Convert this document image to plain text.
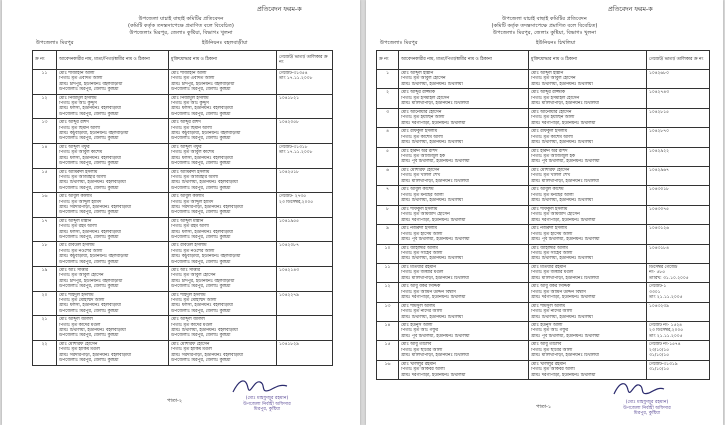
প্রতিবেদন ফরম-ক
উপজেলা যাচাই বাছাই কমিটির প্রতিবেদন
(কমিটি কর্তৃক তদন্তসাপেক্ষে প্রমাণিত বলে বিবেচিত)
উপজেলাঃ মিরপুর, জেলাঃ কুষ্টিয়া, বিভাগঃ খুলনা
উপজেলাঃ মিরপুর	ইউনিয়নঃ বহলবাড়ীয়া
ক্র নং	আবেদনকারীর নাম, মাতা/পিতা/স্বামীর নাম ও ঠিকানা	মুক্তিযোদ্ধার নাম ও ঠিকানা	গেজেট/ ভাতা/ তালিকার ক্র নং
১১	মোঃ শাজাহান আলী
পিতাঃ মৃত এবাদত আলী
গ্রামঃ চাঁদপুর, ইউনিয়নঃ বহলবাড়ীয়া
উপজেলাঃ মিরপুর, জেলাঃ কুষ্টিয়া	মোঃ শাজাহান আলী
পিতাঃ মৃত এবাদত আলী
গ্রামঃ চাঁদপুর, ইউনিয়নঃ বহলবাড়ীয়া
উপজেলাঃ মিরপুর, জেলাঃ কুষ্টিয়া	গেজেট-৩১৩৫৪
তাং ১৭.১১.২০০৮

১২	মোঃ নিজামুল ইসলাম
পিতাঃ মৃত আঃ কুদ্দুস
গ্রামঃ ধলসা, ইউনিয়নঃ বহলবাড়ীয়া
উপজেলাঃ মিরপুর, জেলাঃ কুষ্টিয়া	মোঃ নিজামুল ইসলাম
পিতাঃ মৃত আঃ কুদ্দুস
গ্রামঃ ধলসা, ইউনিয়নঃ বহলবাড়ীয়া
উপজেলাঃ মিরপুর, জেলাঃ কুষ্টিয়া	১০৪১৮২১

১৩	মোঃ আব্দুর রশিদ
পিতাঃ মৃত ছিমান আলী
গ্রামঃ কচুবাড়ীয়া, ইউনিয়নঃ বহলবাড়ীয়া
উপজেলাঃ মিরপুর, জেলাঃ কুষ্টিয়া	মোঃ আব্দুর রশিদ
পিতাঃ মৃত ছিমান আলী
গ্রামঃ কচুবাড়ীয়া, ইউনিয়নঃ বহলবাড়ীয়া
উপজেলাঃ মিরপুর, জেলাঃ কুষ্টিয়া	১০৪২০৫৮

১৪	মোঃ আব্দুল গফুর
পিতাঃ মৃত আবুল কাশেম
গ্রামঃ ধলসা, ইউনিয়নঃ বহলবাড়ীয়া
উপজেলাঃ মিরপুর, জেলাঃ কুষ্টিয়া	মোঃ আব্দুল গফুর
পিতাঃ মৃত আবুল কাশেম
গ্রামঃ ধলসা, ইউনিয়নঃ বহলবাড়ীয়া
উপজেলাঃ মিরপুর, জেলাঃ কুষ্টিয়া	গেজেট-৩১৩১৮
তাং ১৭.১১.২০০৮

১৫	মোঃ আমিরুল ইসলাম
পিতাঃ মৃত আজাহার আলী
গ্রামঃ চিথলিয়া, ইউনিয়নঃ বহলবাড়ীয়া
উপজেলাঃ মিরপুর, জেলাঃ কুষ্টিয়া	মোঃ আমিরুল ইসলাম
পিতাঃ মৃত আজাহার আলী
গ্রামঃ চিথলিয়া, ইউনিয়নঃ বহলবাড়ীয়া
উপজেলাঃ মিরপুর, জেলাঃ কুষ্টিয়া	১০৪২৫১৮

১৬	মোঃ আবুল কালাম
পিতাঃ মৃত আব্দুল হামিদ
গ্রামঃ সরদারপাড়া, ইউনিয়নঃ বহলবাড়ীয়া
উপজেলাঃ মিরপুর, জেলাঃ কুষ্টিয়া	মোঃ আবুল কালাম
পিতাঃ মৃত আব্দুল হামিদ
গ্রামঃ সরদারপাড়া, ইউনিয়নঃ বহলবাড়ীয়া
উপজেলাঃ মিরপুর, জেলাঃ কুষ্টিয়া	গেজেট- ২৭৩৫
২৩ ডিসেম্বর,২০০৫

১৭	মোঃ আব্দুল মান্নান
পিতাঃ মৃত রহম আলী
গ্রামঃ ধলসা, ইউনিয়নঃ বহলবাড়ীয়া
উপজেলাঃ মিরপুর, জেলাঃ কুষ্টিয়া	মোঃ আব্দুল মান্নান
পিতাঃ মৃত রহম আলী
গ্রামঃ ধলসা, ইউনিয়নঃ বহলবাড়ীয়া
উপজেলাঃ মিরপুর, জেলাঃ কুষ্টিয়া	১০৪১৯৫৫

১৮	মোঃ রবিউল ইসলাম
পিতাঃ মৃত নওশের আলী
গ্রামঃ কচুবাড়ীয়া, ইউনিয়নঃ বহলবাড়ীয়া
উপজেলাঃ মিরপুর, জেলাঃ কুষ্টিয়া	মোঃ রবিউল ইসলাম
পিতাঃ মৃত নওশের আলী
গ্রামঃ কচুবাড়ীয়া, ইউনিয়নঃ বহলবাড়ীয়া
উপজেলাঃ মিরপুর, জেলাঃ কুষ্টিয়া	১০৪২০৮৭

১৯	মোঃ আঃ সাত্তার
পিতাঃ মৃত আবুল হোসেন
গ্রামঃ চাঁদপুর, ইউনিয়নঃ বহলবাড়ীয়া
উপজেলাঃ মিরপুর, জেলাঃ কুষ্টিয়া	মোঃ আঃ সাত্তার
পিতাঃ মৃত আবুল হোসেন
গ্রামঃ চাঁদপুর, ইউনিয়নঃ বহলবাড়ীয়া
উপজেলাঃ মিরপুর, জেলাঃ কুষ্টিয়া	১০৪২১৪৩

২০	মোঃ শহিদুল ইসলাম
পিতাঃ মৃত মোহাম্মদ আলী
গ্রামঃ ধলসা, ইউনিয়নঃ বহলবাড়ীয়া
উপজেলাঃ মিরপুর, জেলাঃ কুষ্টিয়া	মোঃ শহিদুল ইসলাম
পিতাঃ মৃত মোহাম্মদ আলী
গ্রামঃ ধলসা, ইউনিয়নঃ বহলবাড়ীয়া
উপজেলাঃ মিরপুর, জেলাঃ কুষ্টিয়া	১০৪২২৭৯

২১	মোঃ আব্দুল জলিল
পিতাঃ মৃত কাদের মণ্ডল
গ্রামঃ চিথলিয়া, ইউনিয়নঃ বহলবাড়ীয়া
উপজেলাঃ মিরপুর, জেলাঃ কুষ্টিয়া	মোঃ আব্দুল জলিল
পিতাঃ মৃত কাদের মণ্ডল
গ্রামঃ চিথলিয়া, ইউনিয়নঃ বহলবাড়ীয়া
উপজেলাঃ মিরপুর, জেলাঃ কুষ্টিয়া	

২২	মোঃ মোশারফ হোসেন
পিতাঃ মৃত হাকিম মণ্ডল
গ্রামঃ সরদারপাড়া, ইউনিয়নঃ বহলবাড়ীয়া
উপজেলাঃ মিরপুর, জেলাঃ কুষ্টিয়া	মোঃ মোশারফ হোসেন
পিতাঃ মৃত হাকিম মণ্ডল
গ্রামঃ সরদারপাড়া, ইউনিয়নঃ বহলবাড়ীয়া
উপজেলাঃ মিরপুর, জেলাঃ কুষ্টিয়া	১০৪১৮২৯
(মোঃ মাহফুজুর রহমান)
উপজেলা নির্বাহী অফিসার
মিরপুর, কুষ্টিয়া
পাতা-২
প্রতিবেদন ফরম-ক
উপজেলা যাচাই বাছাই কমিটির প্রতিবেদন
(কমিটি কর্তৃক তদন্তসাপেক্ষে প্রমাণিত বলে বিবেচিত)
উপজেলাঃ মিরপুর, জেলাঃ কুষ্টিয়া, বিভাগঃ খুলনা
উপজেলাঃ মিরপুর	ইউনিয়নঃ চিথলিয়া
ক্র নং	আবেদনকারীর নাম, মাতা/পিতা/স্বামীর নাম ও ঠিকানা	মুক্তিযোদ্ধার নাম ও ঠিকানা	গেজেট/ ভাতা/ তালিকার ক্র নং
১	মোঃ আব্দুল হান্নান
পিতাঃ মৃত আবুল হোসেন
গ্রামঃ চিথলিয়া, ইউনিয়নঃ চিথলিয়া	মোঃ আব্দুল হান্নান
পিতাঃ মৃত আবুল হোসেন
গ্রামঃ চিথলিয়া, ইউনিয়নঃ চিথলিয়া	১০৪২৬৮০

২	মোঃ আব্দুর রাজ্জাক
পিতাঃ মৃত ইসমাইল হোসেন
গ্রামঃ মালিথাপাড়া, ইউনিয়নঃ চিথলিয়া	মোঃ আব্দুর রাজ্জাক
পিতাঃ মৃত ইসমাইল হোসেন
গ্রামঃ মালিথাপাড়া, ইউনিয়নঃ চিথলিয়া	১০৪২৭৪৩

৩	মোঃ আনোয়ার হোসেন
পিতাঃ মৃত ইয়াছিন আলী
গ্রামঃ দরগাপাড়া, ইউনিয়নঃ চিথলিয়া	মোঃ আনোয়ার হোসেন
পিতাঃ মৃত ইয়াছিন আলী
গ্রামঃ দরগাপাড়া, ইউনিয়নঃ চিথলিয়া	১০৪২৮১৫

৪	মোঃ রফিকুল ইসলাম
পিতাঃ মৃত কাশেম আলী
গ্রামঃ চিথলিয়া, ইউনিয়নঃ চিথলিয়া	মোঃ রফিকুল ইসলাম
পিতাঃ মৃত কাশেম আলী
গ্রামঃ চিথলিয়া, ইউনিয়নঃ চিথলিয়া	১০৪২৮৭০

৫	মোঃ হারুন অর রশিদ
পিতাঃ মৃত আজিজুল হক
গ্রামঃ পূর্ব চিথলিয়া, ইউনিয়নঃ চিথলিয়া	মোঃ হারুন অর রশিদ
পিতাঃ মৃত আজিজুল হক
গ্রামঃ পূর্ব চিথলিয়া, ইউনিয়নঃ চিথলিয়া	১০৪২৯২২

৬	মোঃ মোশারফ হোসেন
পিতাঃ মৃত খলিল শেখ
গ্রামঃ মালিথাপাড়া, ইউনিয়নঃ চিথলিয়া	মোঃ মোশারফ হোসেন
পিতাঃ মৃত খলিল শেখ
গ্রামঃ মালিথাপাড়া, ইউনিয়নঃ চিথলিয়া	১০৪২৯৬৭

৭	মোঃ আবুল কাশেম
পিতাঃ মৃত মনছের আলী
গ্রামঃ চিথলিয়া, ইউনিয়নঃ চিথলিয়া	মোঃ আবুল কাশেম
পিতাঃ মৃত মনছের আলী
গ্রামঃ চিথলিয়া, ইউনিয়নঃ চিথলিয়া	১০৪৩০১৮

৮	মোঃ শফিকুল ইসলাম
পিতাঃ মৃত আমজাদ হোসেন
গ্রামঃ দরগাপাড়া, ইউনিয়নঃ চিথলিয়া	মোঃ শফিকুল ইসলাম
পিতাঃ মৃত আমজাদ হোসেন
গ্রামঃ দরগাপাড়া, ইউনিয়নঃ চিথলিয়া	১০৪৩০৭৫

৯	মোঃ নজরুল ইসলাম
পিতাঃ মৃত হাসেম আলী
গ্রামঃ পূর্ব চিথলিয়া, ইউনিয়নঃ চিথলিয়া	মোঃ নজরুল ইসলাম
পিতাঃ মৃত হাসেম আলী
গ্রামঃ পূর্ব চিথলিয়া, ইউনিয়নঃ চিথলিয়া	১০৪৩১২৬

১০	মোঃ জাহাঙ্গীর আলম
পিতাঃ মৃত সাহেব আলী
গ্রামঃ চিথলিয়া, ইউনিয়নঃ চিথলিয়া	মোঃ জাহাঙ্গীর আলম
পিতাঃ মৃত সাহেব আলী
গ্রামঃ চিথলিয়া, ইউনিয়নঃ চিথলিয়া	১০৪৩১৮৪

১১	মোঃ মতিয়ার রহমান
পিতাঃ মৃত জব্বার মণ্ডল
গ্রামঃ মালিথাপাড়া, ইউনিয়নঃ চিথলিয়া	মোঃ মতিয়ার রহমান
পিতাঃ মৃত জব্বার মণ্ডল
গ্রামঃ মালিথাপাড়া, ইউনিয়নঃ চিথলিয়া	ডিসেম্বর গেজেট
নং- ৫৮৫
তারিখ: ৩১.১০.২০০৫

১২	মোঃ আবু বকর সিদ্দিক
পিতাঃ মৃত আমিন উদ্দিন বিশ্বাস
গ্রামঃ দরগাপাড়া, ইউনিয়নঃ চিথলিয়া	মোঃ আবু বকর সিদ্দিক
পিতাঃ মৃত আমিন উদ্দিন বিশ্বাস
গ্রামঃ দরগাপাড়া, ইউনিয়নঃ চিথলিয়া	গেজেট-১
৩৩০১
তাং ২১.১১.২০০৫

১৩	মোঃ শামসুল আলম
পিতাঃ মৃত নাদের আলী
গ্রামঃ চিথলিয়া, ইউনিয়নঃ চিথলিয়া	মোঃ শামসুল আলম
পিতাঃ মৃত নাদের আলী
গ্রামঃ চিথলিয়া, ইউনিয়নঃ চিথলিয়া	১০৪৩২৩৯

১৪	মোঃ ইউনুস আলী
পিতাঃ মৃত আঃ গফুর
গ্রামঃ পূর্ব চিথলিয়া, ইউনিয়নঃ চিথলিয়া	মোঃ ইউনুস আলী
পিতাঃ মৃত আঃ গফুর
গ্রামঃ পূর্ব চিথলিয়া, ইউনিয়নঃ চিথলিয়া	গেজেট নং- ১৫২৪
২৩ ডিসেম্বর,২০০৫
তাং ২১.১১.২০০৫

১৫	মোঃ আবু তালেব
পিতাঃ মৃত ছাবের আলী
গ্রামঃ মালিথাপাড়া, ইউনিয়নঃ চিথলিয়া	মোঃ আবু তালেব
পিতাঃ মৃত ছাবের আলী
গ্রামঃ মালিথাপাড়া, ইউনিয়নঃ চিথলিয়া	গেজেট নং-১৫৭৪
২৩/১০/১৫
৩১/১০/১৫

১৬	মোঃ খলিলুর রহমান
পিতাঃ মৃত আকবর আলী
গ্রামঃ দরগাপাড়া, ইউনিয়নঃ চিথলিয়া	মোঃ খলিলুর রহমান
পিতাঃ মৃত আকবর আলী
গ্রামঃ দরগাপাড়া, ইউনিয়নঃ চিথলিয়া	গেজেট-৩১৩১৯
৩১/১০/১৫
(মোঃ মাহফুজুর রহমান)
উপজেলা নির্বাহী অফিসার
মিরপুর, কুষ্টিয়া
পাতা-১
